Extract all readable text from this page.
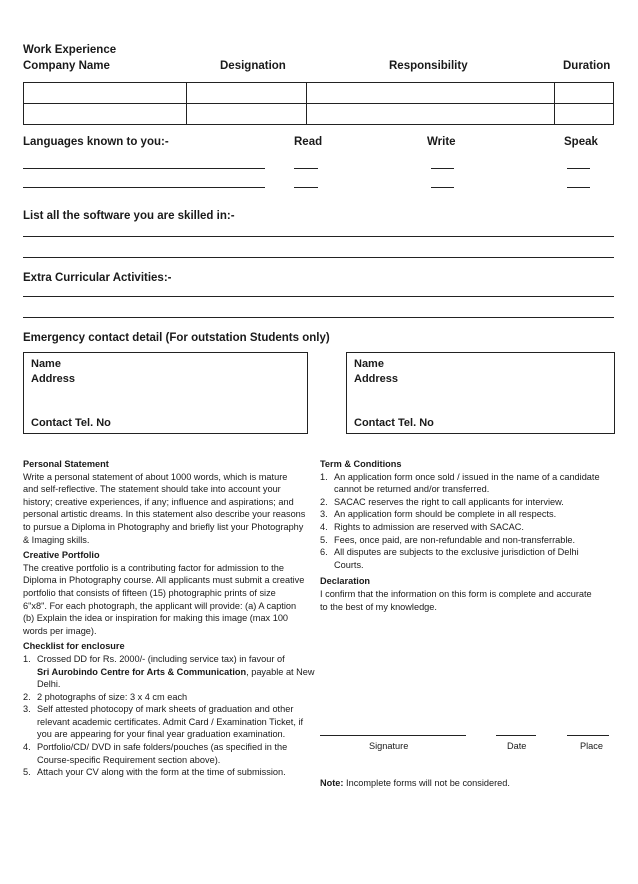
Work Experience
Company Name	Designation	Responsibility	Duration

Languages known to you:-	Read	Write	Speak
List all the software you are skilled in:-
Extra Curricular Activities:-
Emergency contact detail (For outstation Students only)
Name
Address
Contact Tel. No
Name
Address
Contact Tel. No
Personal Statement

Write a personal statement of about 1000 words, which is mature

and self-reflective. The statement should take into account your

history; creative experiences, if any; influence and aspirations; and

personal artistic dreams. In this statement also describe your reasons

to pursue a Diploma in Photography and briefly list your Photography

& Imaging skills.

Creative Portfolio

The creative portfolio is a contributing factor for admission to the

Diploma in Photography course. All applicants must submit a creative

portfolio that consists of fifteen (15) photographic prints of size

6"x8". For each photograph, the applicant will provide: (a) A caption

(b) Explain the idea or inspiration for making this image (max 100

words per image).

Checklist for enclosure
1. Crossed DD for Rs. 2000/- (including service tax) in favour of

Sri Aurobindo Centre for Arts & Communication, payable at New

Delhi.

2. 2 photographs of size: 3 x 4 cm each

3. Self attested photocopy of mark sheets of graduation and other

relevant academic certificates. Admit Card / Examination Ticket, if

you are appearing for your final year graduation examination.

4. Portfolio/CD/ DVD in safe folders/pouches (as specified in the

Course-specific Requirement section above).

5. Attach your CV along with the form at the time of submission.

Term & Conditions
1. An application form once sold / issued in the name of a candidate

cannot be returned and/or transferred.

2. SACAC reserves the right to call applicants for interview.

3. An application form should be complete in all respects.

4. Rights to admission are reserved with SACAC.

5. Fees, once paid, are non-refundable and non-transferrable.

6. All disputes are subjects to the exclusive jurisdiction of Delhi

Courts.

Declaration

I confirm that the information on this form is complete and accurate

to the best of my knowledge.

Signature	Date	Place
Note: Incomplete forms will not be considered.
